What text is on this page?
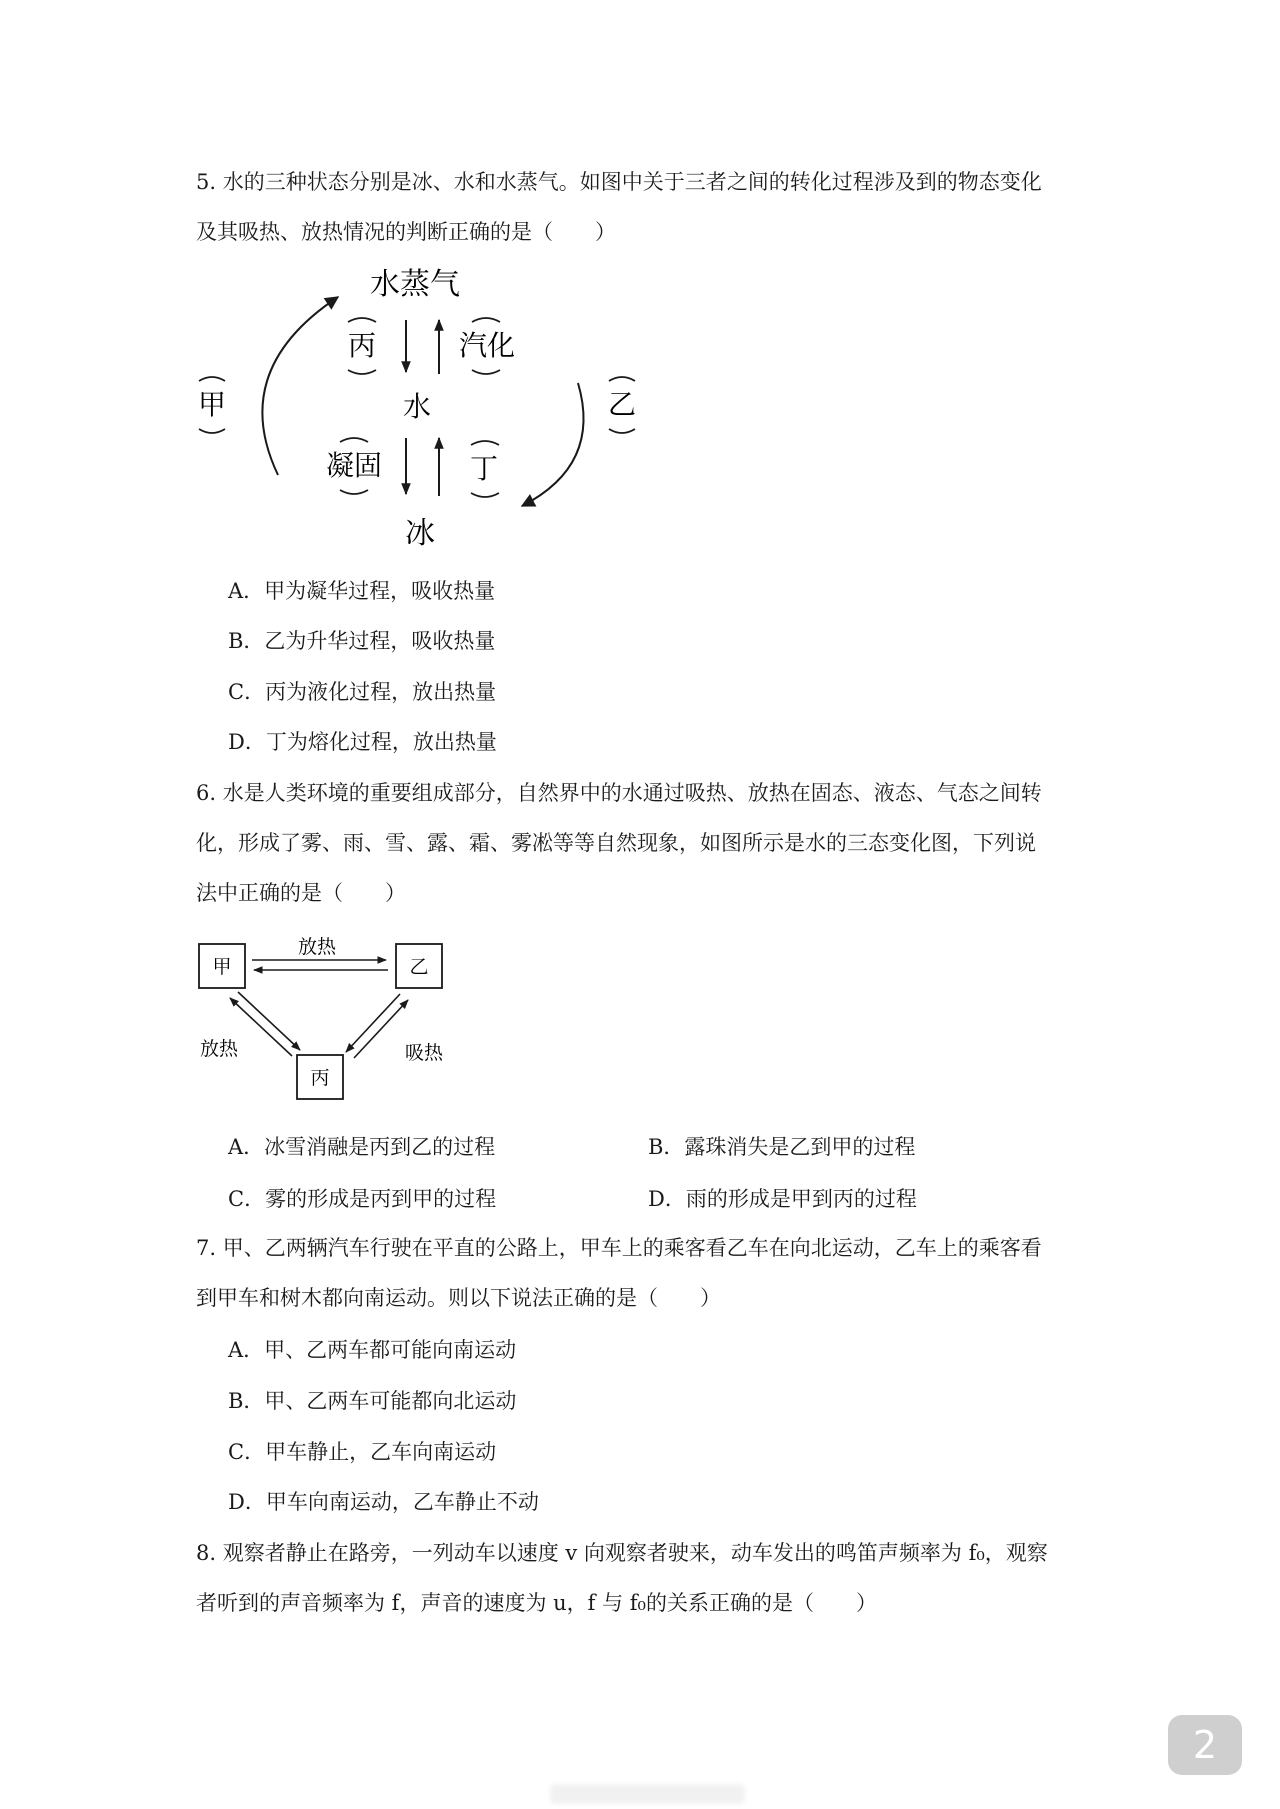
5. 水的三种状态分别是冰、水和水蒸气。如图中关于三者之间的转化过程涉及到的物态变化

及其吸热、放热情况的判断正确的是（　　）

水蒸气
水
冰
丙	汽化
甲	乙
凝固	丁
A．甲为凝华过程，吸收热量
B．乙为升华过程，吸收热量
C．丙为液化过程，放出热量
D．丁为熔化过程，放出热量

6. 水是人类环境的重要组成部分，自然界中的水通过吸热、放热在固态、液态、气态之间转

化，形成了雾、雨、雪、露、霜、雾凇等等自然现象，如图所示是水的三态变化图，下列说

法中正确的是（　　）

甲	乙
丙
放热
放热	吸热
A．冰雪消融是丙到乙的过程	B．露珠消失是乙到甲的过程
C．雾的形成是丙到甲的过程	D．雨的形成是甲到丙的过程

7. 甲、乙两辆汽车行驶在平直的公路上，甲车上的乘客看乙车在向北运动，乙车上的乘客看

到甲车和树木都向南运动。则以下说法正确的是（　　）

A．甲、乙两车都可能向南运动
B．甲、乙两车可能都向北运动
C．甲车静止，乙车向南运动
D．甲车向南运动，乙车静止不动

8. 观察者静止在路旁，一列动车以速度 v 向观察者驶来，动车发出的鸣笛声频率为 f₀，观察

者听到的声音频率为 f，声音的速度为 u，f 与 f₀的关系正确的是（　　）

2
